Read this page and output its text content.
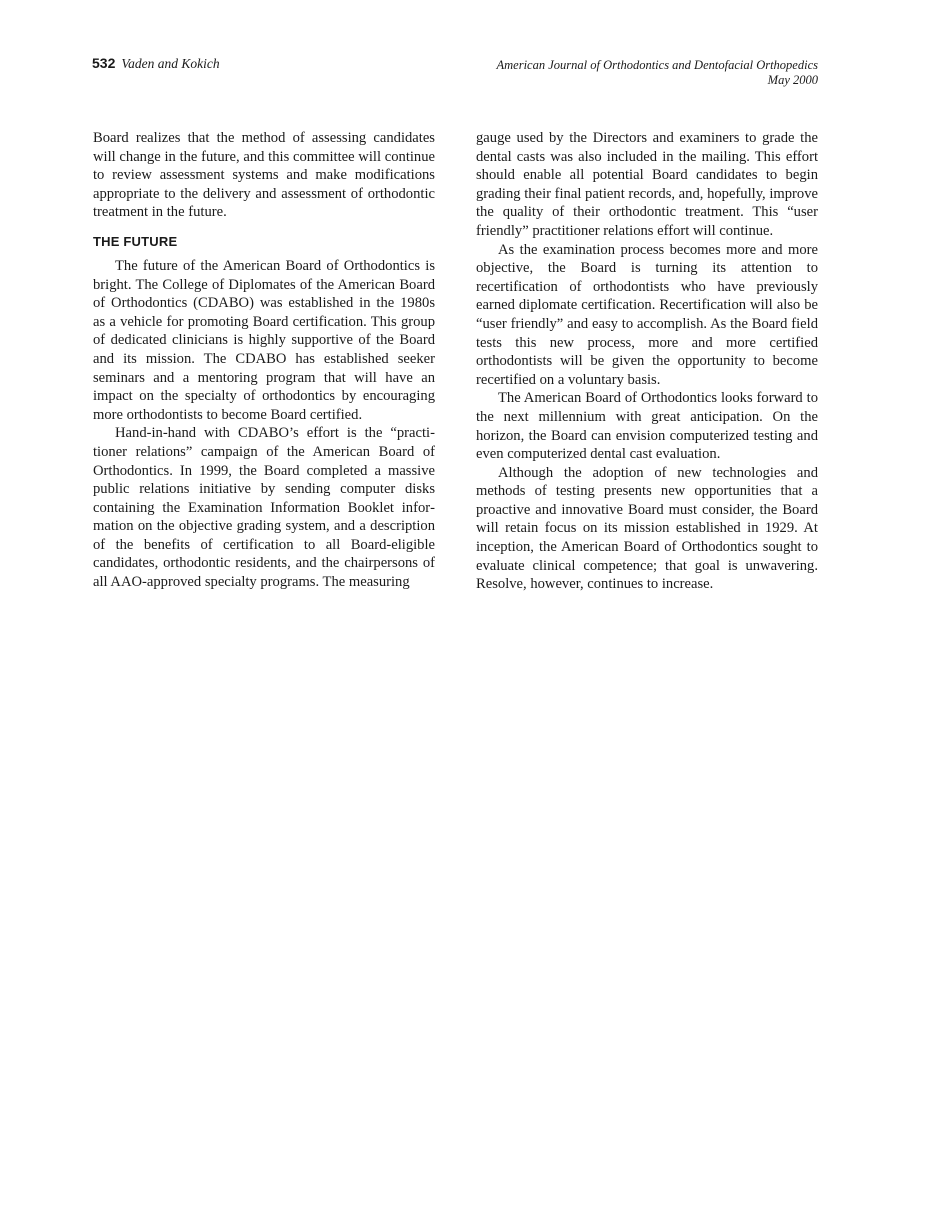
532 Vaden and Kokich	American Journal of Orthodontics and Dentofacial Orthopedics
May 2000

Board realizes that the method of assessing candidates will change in the future, and this committee will continue to review assessment systems and make modifications appropriate to the delivery and assessment of orthodontic treatment in the future.

THE FUTURE

The future of the American Board of Orthodontics is bright. The College of Diplomates of the American Board of Orthodontics (CDABO) was established in the 1980s as a vehicle for promoting Board certification. This group of dedicated clinicians is highly supportive of the Board and its mission. The CDABO has established seeker seminars and a mentoring program that will have an impact on the specialty of orthodontics by encouraging more orthodontists to become Board certified.

Hand-in-hand with CDABO’s effort is the “practitioner relations” campaign of the American Board of Orthodontics. In 1999, the Board completed a massive public relations initiative by sending computer disks containing the Examination Information Booklet information on the objective grading system, and a description of the benefits of certification to all Board-eligible candidates, orthodontic residents, and the chairpersons of all AAO-approved specialty programs. The measuring

gauge used by the Directors and examiners to grade the dental casts was also included in the mailing. This effort should enable all potential Board candidates to begin grading their final patient records, and, hopefully, improve the quality of their orthodontic treatment. This “user friendly” practitioner relations effort will continue.

As the examination process becomes more and more objective, the Board is turning its attention to recertification of orthodontists who have previously earned diplomate certification. Recertification will also be “user friendly” and easy to accomplish. As the Board field tests this new process, more and more certified orthodontists will be given the opportunity to become recertified on a voluntary basis.

The American Board of Orthodontics looks forward to the next millennium with great anticipation. On the horizon, the Board can envision computerized testing and even computerized dental cast evaluation.

Although the adoption of new technologies and methods of testing presents new opportunities that a proactive and innovative Board must consider, the Board will retain focus on its mission established in 1929. At inception, the American Board of Orthodontics sought to evaluate clinical competence; that goal is unwavering. Resolve, however, continues to increase.
